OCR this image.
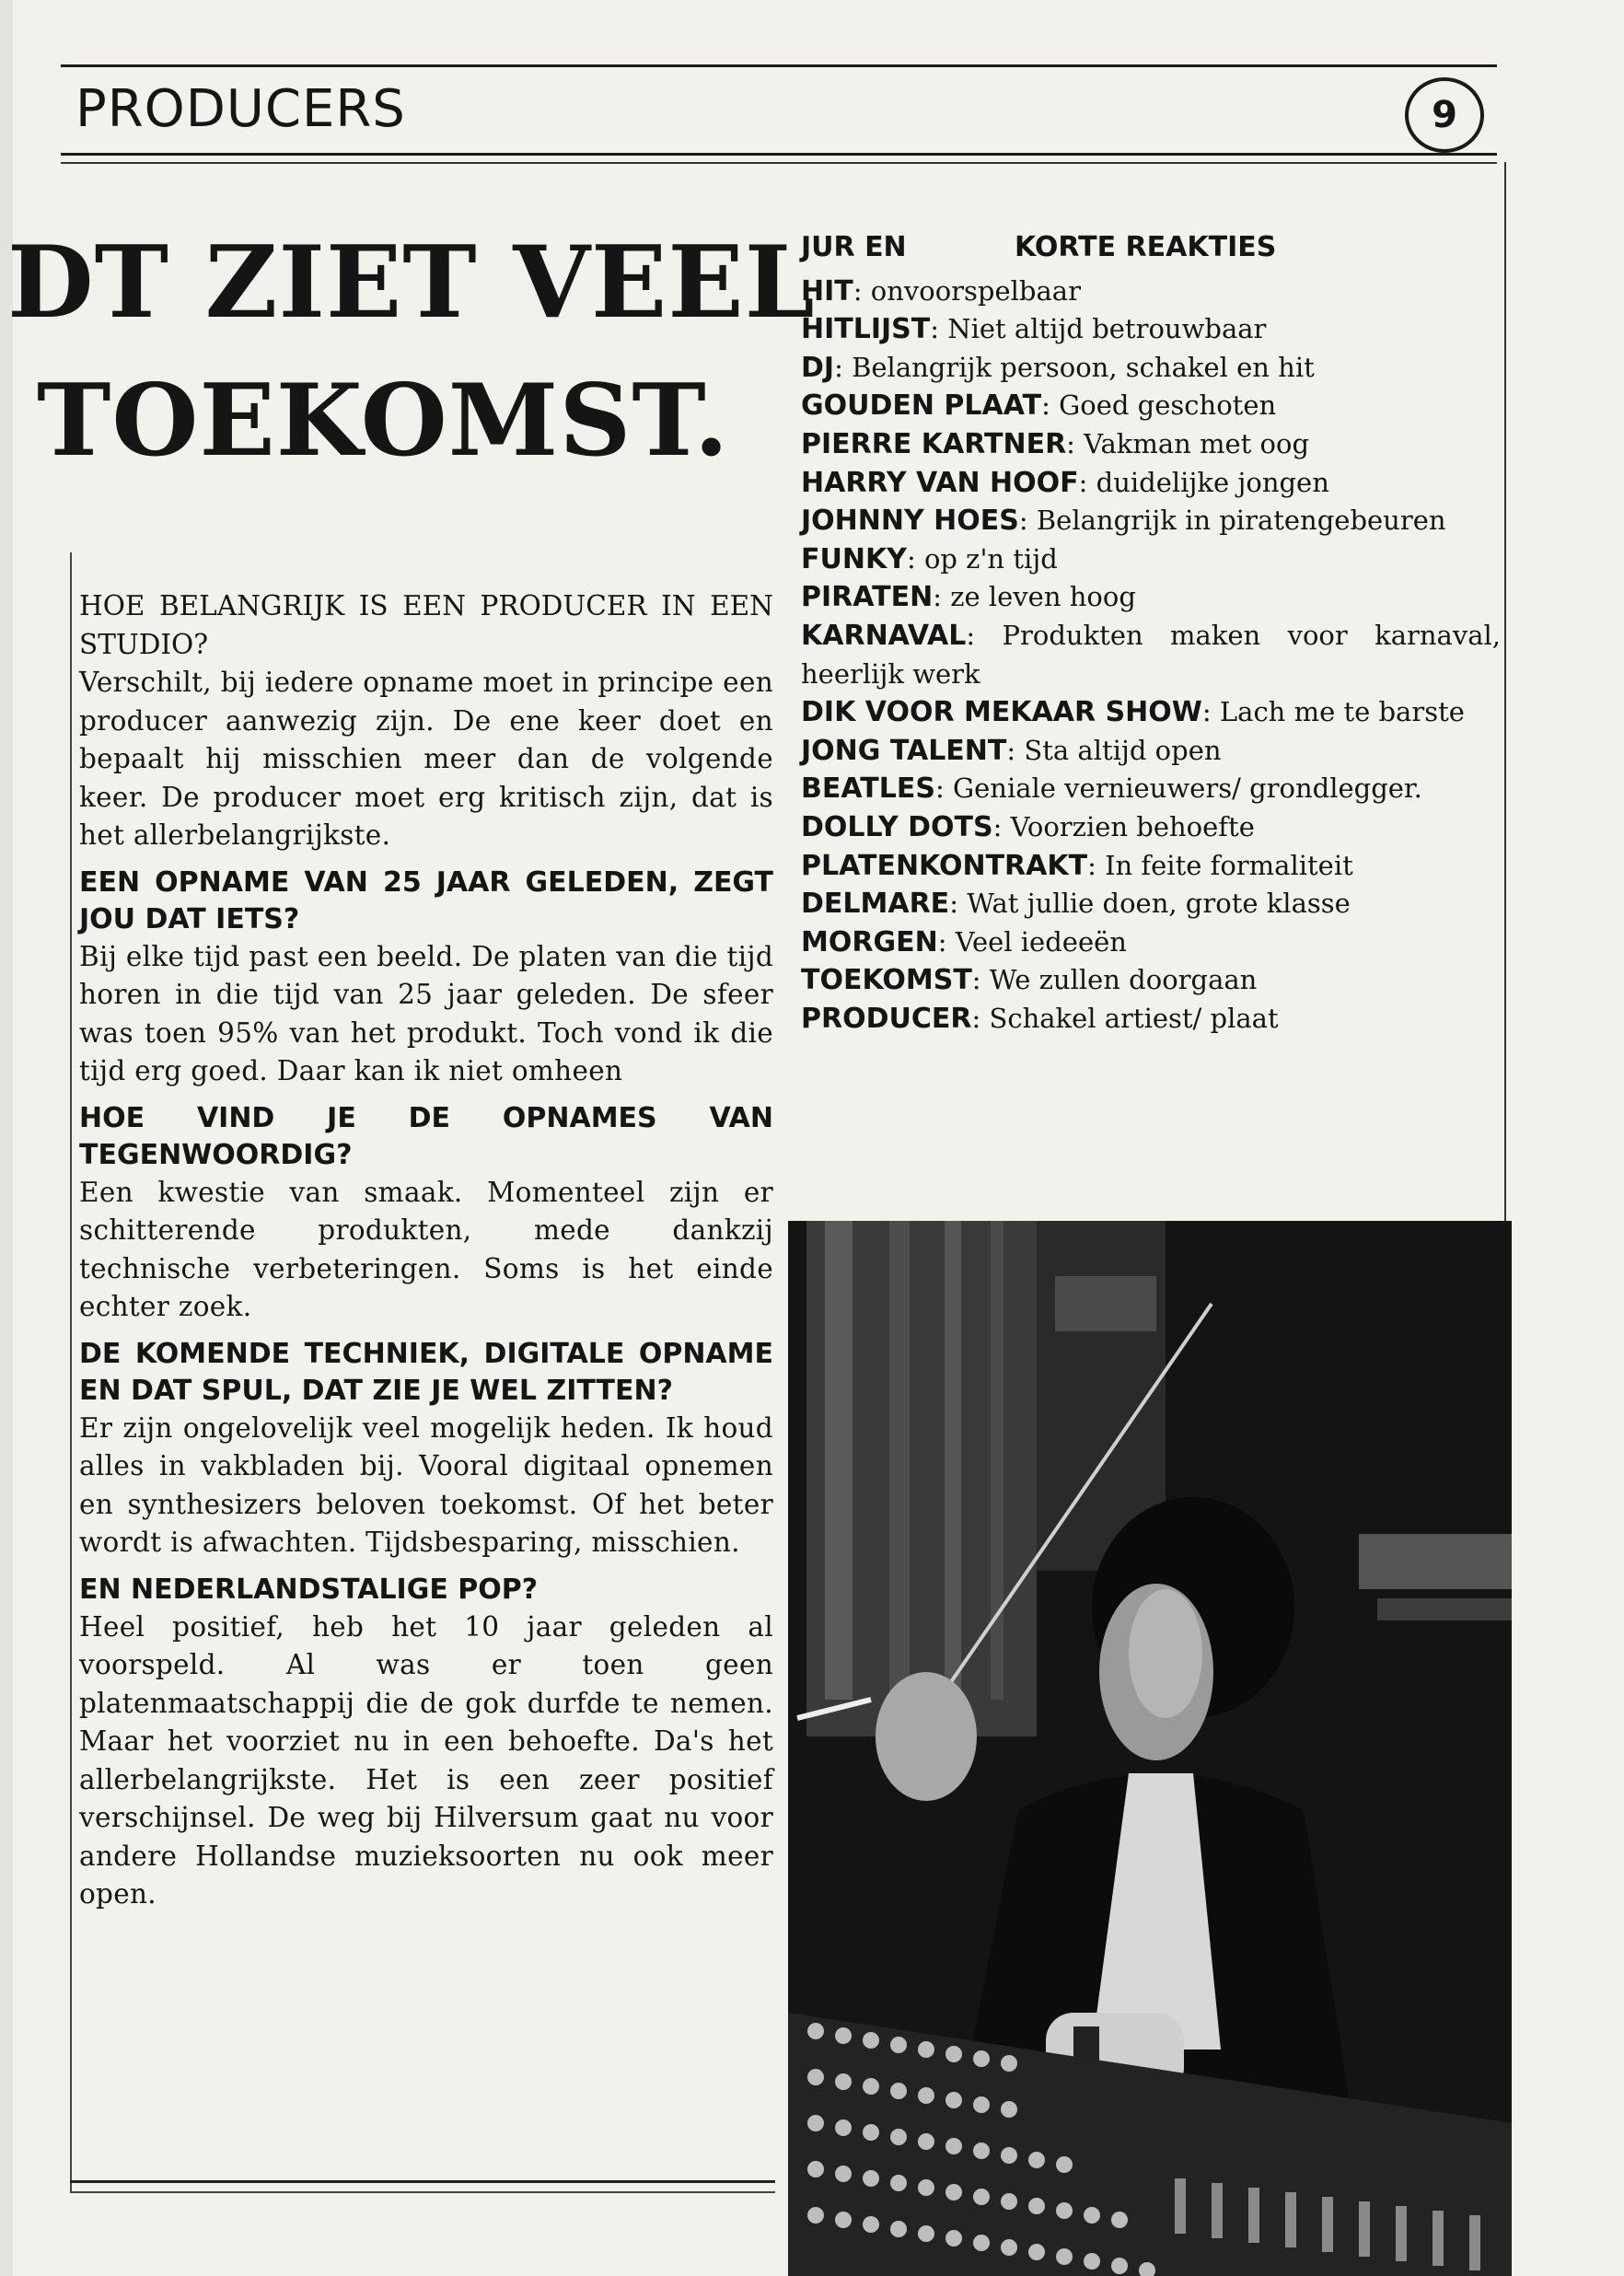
PRODUCERS	9
DT ZIET VEEL
TOEKOMST.

HOE BELANGRIJK IS EEN PRODUCER IN EEN STUDIO?

Verschilt, bij iedere opname moet in principe een producer aanwezig zijn. De ene keer doet en bepaalt hij misschien meer dan de volgende keer. De producer moet erg kritisch zijn, dat is het allerbelangrijkste.

EEN OPNAME VAN 25 JAAR GELEDEN, ZEGT JOU DAT IETS?

Bij elke tijd past een beeld. De platen van die tijd horen in die tijd van 25 jaar geleden. De sfeer was toen 95% van het produkt. Toch vond ik die tijd erg goed. Daar kan ik niet omheen

HOE VIND JE DE OPNAMES VAN TEGENWOORDIG?

Een kwestie van smaak. Momenteel zijn er schitterende produkten, mede dankzij technische verbeteringen. Soms is het einde echter zoek.

DE KOMENDE TECHNIEK, DIGITALE OPNAME EN DAT SPUL, DAT ZIE JE WEL ZITTEN?

Er zijn ongelovelijk veel mogelijk heden. Ik houd alles in vakbladen bij. Vooral digitaal opnemen en synthesizers beloven toekomst. Of het beter wordt is afwachten. Tijdsbesparing, misschien.

EN NEDERLANDSTALIGE POP?

Heel positief, heb het 10 jaar geleden al voorspeld. Al was er toen geen platenmaatschappij die de gok durfde te nemen. Maar het voorziet nu in een behoefte. Da's het allerbelangrijkste. Het is een zeer positief verschijnsel. De weg bij Hilversum gaat nu voor andere Hollandse muzieksoorten nu ook meer open.

JUR EN	KORTE REAKTIES
HIT: onvoorspelbaar
HITLIJST: Niet altijd betrouwbaar
DJ: Belangrijk persoon, schakel en hit
GOUDEN PLAAT: Goed geschoten
PIERRE KARTNER: Vakman met oog
HARRY VAN HOOF: duidelijke jongen
JOHNNY HOES: Belangrijk in piratengebeuren
FUNKY: op z'n tijd
PIRATEN: ze leven hoog
KARNAVAL: Produkten maken voor karnaval, heerlijk werk
DIK VOOR MEKAAR SHOW: Lach me te barste
JONG TALENT: Sta altijd open
BEATLES: Geniale vernieuwers/ grondlegger.
DOLLY DOTS: Voorzien behoefte
PLATENKONTRAKT: In feite formaliteit
DELMARE: Wat jullie doen, grote klasse
MORGEN: Veel iedeeën
TOEKOMST: We zullen doorgaan
PRODUCER: Schakel artiest/ plaat
